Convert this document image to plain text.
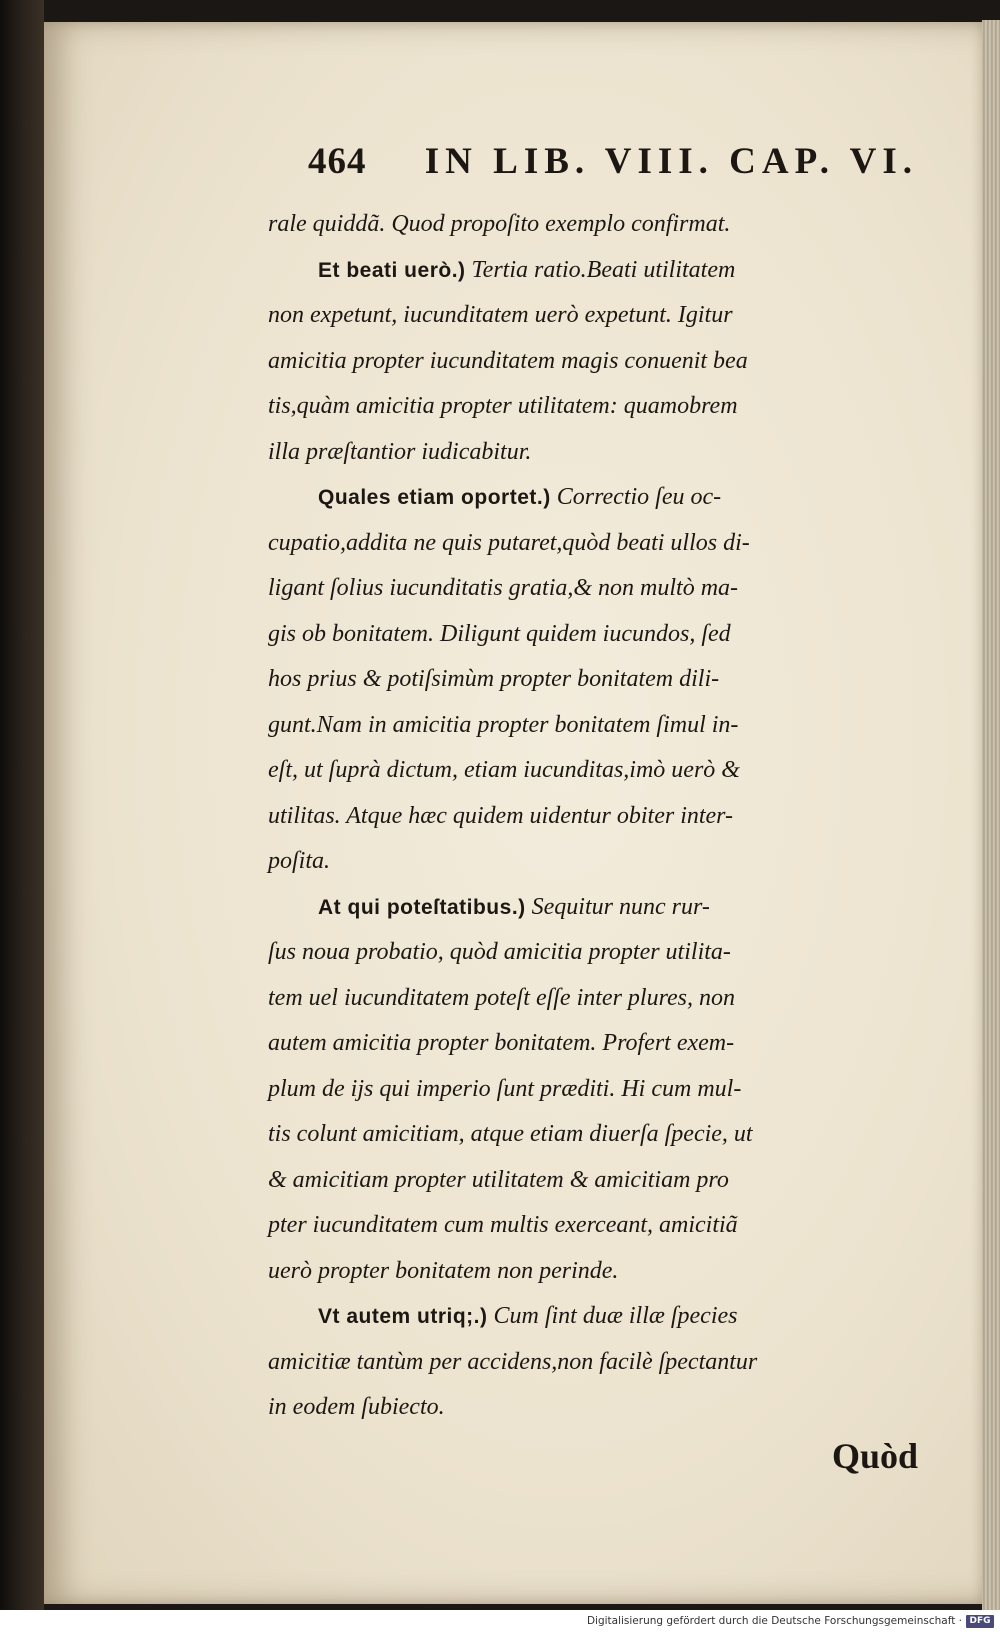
464 IN LIB. VIII. CAP. VI.
rale quiddã. Quod propoſito exemplo confirmat.
Et beati uerò.) Tertia ratio.Beati utilitatem
non expetunt, iucunditatem uerò expetunt. Igitur
amicitia propter iucunditatem magis conuenit bea
tis,quàm amicitia propter utilitatem: quamobrem
illa præſtantior iudicabitur.
Quales etiam oportet.) Correctio ſeu oc-
cupatio,addita ne quis putaret,quòd beati ullos di-
ligant ſolius iucunditatis gratia,& non multò ma-
gis ob bonitatem. Diligunt quidem iucundos, ſed
hos prius & potiſsimùm propter bonitatem dili-
gunt.Nam in amicitia propter bonitatem ſimul in-
eſt, ut ſuprà dictum, etiam iucunditas,imò uerò &
utilitas. Atque hæc quidem uidentur obiter inter-
poſita.
At qui poteſtatibus.) Sequitur nunc rur-
ſus noua probatio, quòd amicitia propter utilita-
tem uel iucunditatem poteſt eſſe inter plures, non
autem amicitia propter bonitatem. Profert exem-
plum de ijs qui imperio ſunt præditi. Hi cum mul-
tis colunt amicitiam, atque etiam diuerſa ſpecie, ut
& amicitiam propter utilitatem & amicitiam pro
pter iucunditatem cum multis exerceant, amicitiã
uerò propter bonitatem non perinde.
Vt autem utriq;.) Cum ſint duæ illæ ſpecies
amicitiæ tantùm per accidens,non facilè ſpectantur
in eodem ſubiecto.
Quòd
Digitalisierung gefördert durch die Deutsche Forschungsgemeinschaft · DFG
